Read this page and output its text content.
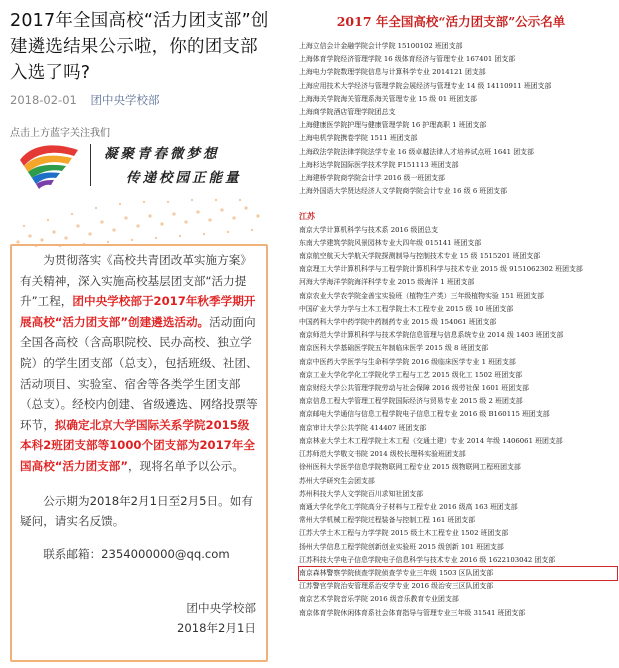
2017年全国高校“活力团支部”创建遴选结果公示啦，你的团支部入选了吗?
2018-02-01 团中央学校部
点击上方蓝字关注我们
凝聚青春微梦想
传递校园正能量
为贯彻落实《高校共青团改革实施方案》有关精神，深入实施高校基层团支部“活力提升”工程，团中央学校部于2017年秋季学期开展高校“活力团支部”创建遴选活动。活动面向全国各高校（含高职院校、民办高校、独立学院）的学生团支部（总支），包括班级、社团、活动项目、实验室、宿舍等各类学生团支部（总支）。经校内创建、省级遴选、网络投票等环节，拟确定北京大学国际关系学院2015级本科2班团支部等1000个团支部为2017年全国高校“活力团支部”，现将名单予以公示。
公示期为2018年2月1日至2月5日。如有疑问，请实名反馈。
联系邮箱：2354000000@qq.com
团中央学校部
2018年2月1日
2017 年全国高校“活力团支部”公示名单
上海立信会计金融学院会计学院 15100102 班团支部
上海体育学院经济管理学院 16 级体育经济与管理专业 167401 团支部
上海电力学院数理学院信息与计算科学专业 2014121 团支部
上海应用技术大学经济与管理学院会展经济与管理专业 14 级 14110911 班团支部
上海海关学院海关管理系海关管理专业 15 级 01 班团支部
上海商学院酒店管理学院团总支
上海健康医学院护理与健康管理学院 16 护理高职 1 班团支部
上海电机学院携卷学院 1511 班团支部
上海政法学院法律学院法学专业 16 级卓越法律人才培养试点班 1641 团支部
上海杉达学院国际医学技术学院 F151113 班团支部
上海建桥学院商学院会计学 2016 级一班团支部
上海外国语大学贤达经济人文学院商学院会计专业 16 级 6 班团支部
江苏
南京大学计算机科学与技术系 2016 级团总支
东南大学建筑学院风景园林专业大四年级 015141 班团支部
南京航空航天大学航天学院探测制导与控制技术专业 15 级 1515201 班团支部
南京理工大学计算机科学与工程学院计算机科学与技术专业 2015 级 9151062302 班团支部
河海大学海洋学院海洋科学专业 2015 级海洋 1 班团支部
南京农业大学农学院金善宝实验班（植物生产类）三年级植物实验 151 班团支部
中国矿业大学力学与土木工程学院土木工程专业 2015 级 10 班团支部
中国药科大学中药学院中药制药专业 2015 级 154061 班团支部
南京师范大学计算机科学与技术学院信息管理与信息系统专业 2014 级 1403 班团支部
南京医科大学基础医学院五年制临床医学 2015 级 8 班团支部
南京中医药大学医学与生命科学学院 2016 级临床医学专业 1 班团支部
南京工业大学化学化工学院化学工程与工艺 2015 级化工 1502 班团支部
南京财经大学公共管理学院劳动与社会保障 2016 级劳社保 1601 班团支部
南京信息工程大学管理工程学院国际经济与贸易专业 2015 级 2 班团支部
南京邮电大学通信与信息工程学院电子信息工程专业 2016 级 B160115 班团支部
南京审计大学公共学院 414407 班团支部
南京林业大学土木工程学院土木工程（交通土建）专业 2014 年级 1406061 班团支部
江苏师范大学敬文书院 2014 级校长理科实验班团支部
徐州医科大学医学信息学院物联网工程专业 2015 级物联网工程班团支部
苏州大学研究生会团支部
苏州科技大学人文学院百川求知社团支部
南通大学化学化工学院高分子材料与工程专业 2016 级高 163 班团支部
常州大学机械工程学院过程装备与控制工程 161 班团支部
江苏大学土木工程与力学学院 2015 级土木工程专业 1502 班团支部
扬州大学信息工程学院创新创业实验班 2015 级创新 101 班团支部
江苏科技大学电子信息学院电子信息科学与技术专业 2016 级 1622103042 团支部
南京森林警察学院侦查学院侦查学专业三年级 1503 区队团支部
江苏警官学院治安管理系治安学专业 2016 级治安三区队团支部
南京艺术学院音乐学院 2016 级音乐教育专业团支部
南京体育学院休闲体育系社会体育指导与管理专业三年级 31541 班团支部
